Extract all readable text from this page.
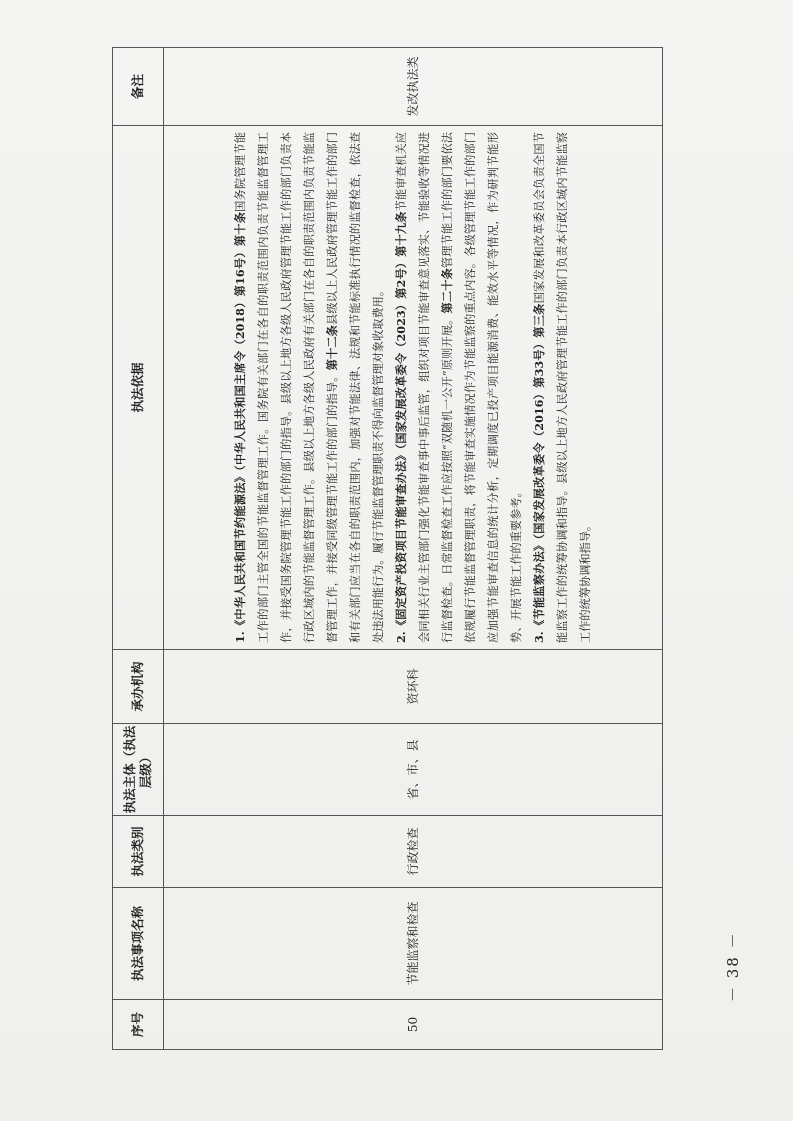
序号	执法事项名称	执法类别	执法主体（执法层级）	承办机构	执法依据	备注
50	节能监察和检查	行政检查	省、市、县	资环科	1.《中华人民共和国节约能源法》（中华人民共和国主席令（2018）第16号）第十条国务院管理节能工作的部门主管全国的节能监督管理工作。国务院有关部门在各自的职责范围内负责节能监督管理工作，并接受国务院管理节能工作的部门的指导。县级以上地方各级人民政府管理节能工作的部门负责本行政区域内的节能监督管理工作。县级以上地方各级人民政府有关部门在各自的职责范围内负责节能监督管理工作，并接受同级管理节能工作的部门的指导。第十二条县级以上人民政府管理节能工作的部门和有关部门应当在各自的职责范围内，加强对节能法律、法规和节能标准执行情况的监督检查，依法查处违法用能行为。履行节能监督管理职责不得向监督管理对象收取费用。 2.《固定资产投资项目节能审查办法》（国家发展改革委令（2023）第2号）第十九条节能审查机关应会同相关行业主管部门强化节能审查事中事后监管，组织对项目节能审查意见落实、节能验收等情况进行监督检查。日常监督检查工作应按照“双随机一公开”原则开展。第二十条管理节能工作的部门要依法依规履行节能监督管理职责，将节能审查实施情况作为节能监察的重点内容。各级管理节能工作的部门应加强节能审查信息的统计分析，定期调度已投产项目能源消费、能效水平等情况，作为研判节能形势、开展节能工作的重要参考。 3.《节能监察办法》（国家发展改革委令（2016）第33号）第三条国家发展和改革委员会负责全国节能监察工作的统筹协调和指导。县级以上地方人民政府管理节能工作的部门负责本行政区域内节能监察工作的统筹协调和指导。	发改执法类
－ 38 －
